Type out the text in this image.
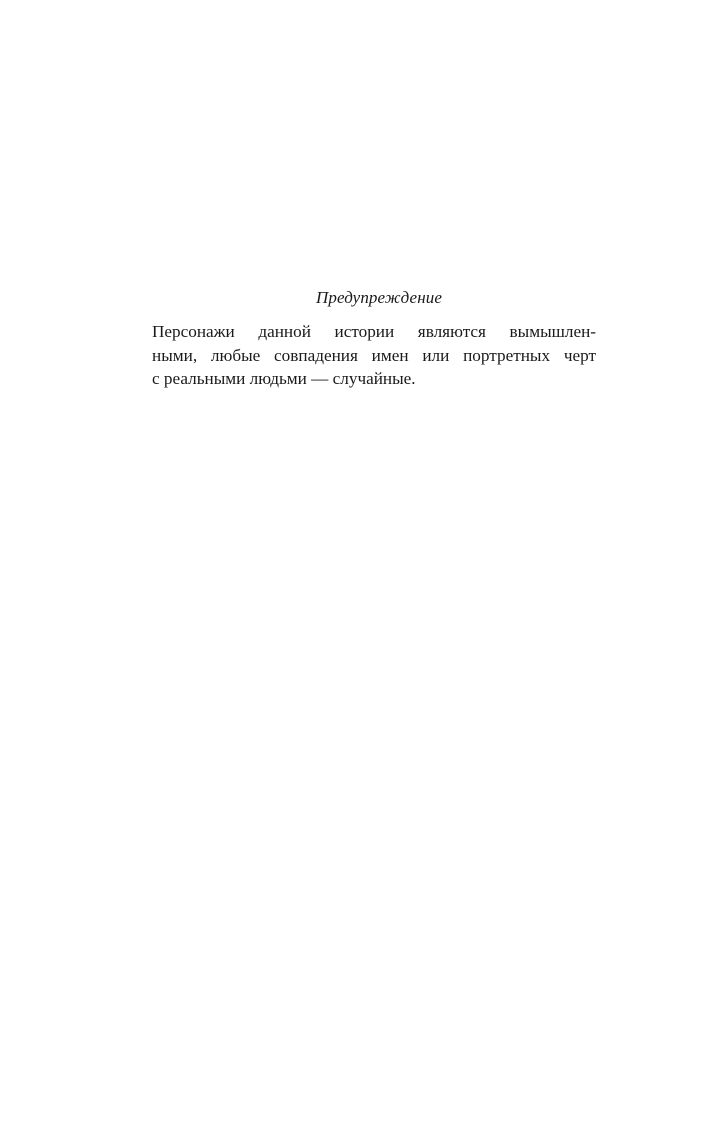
Предупреждение

Персонажи данной истории являются вымышлен-
ными, любые совпадения имен или портретных черт
с реальными людьми — случайные.
